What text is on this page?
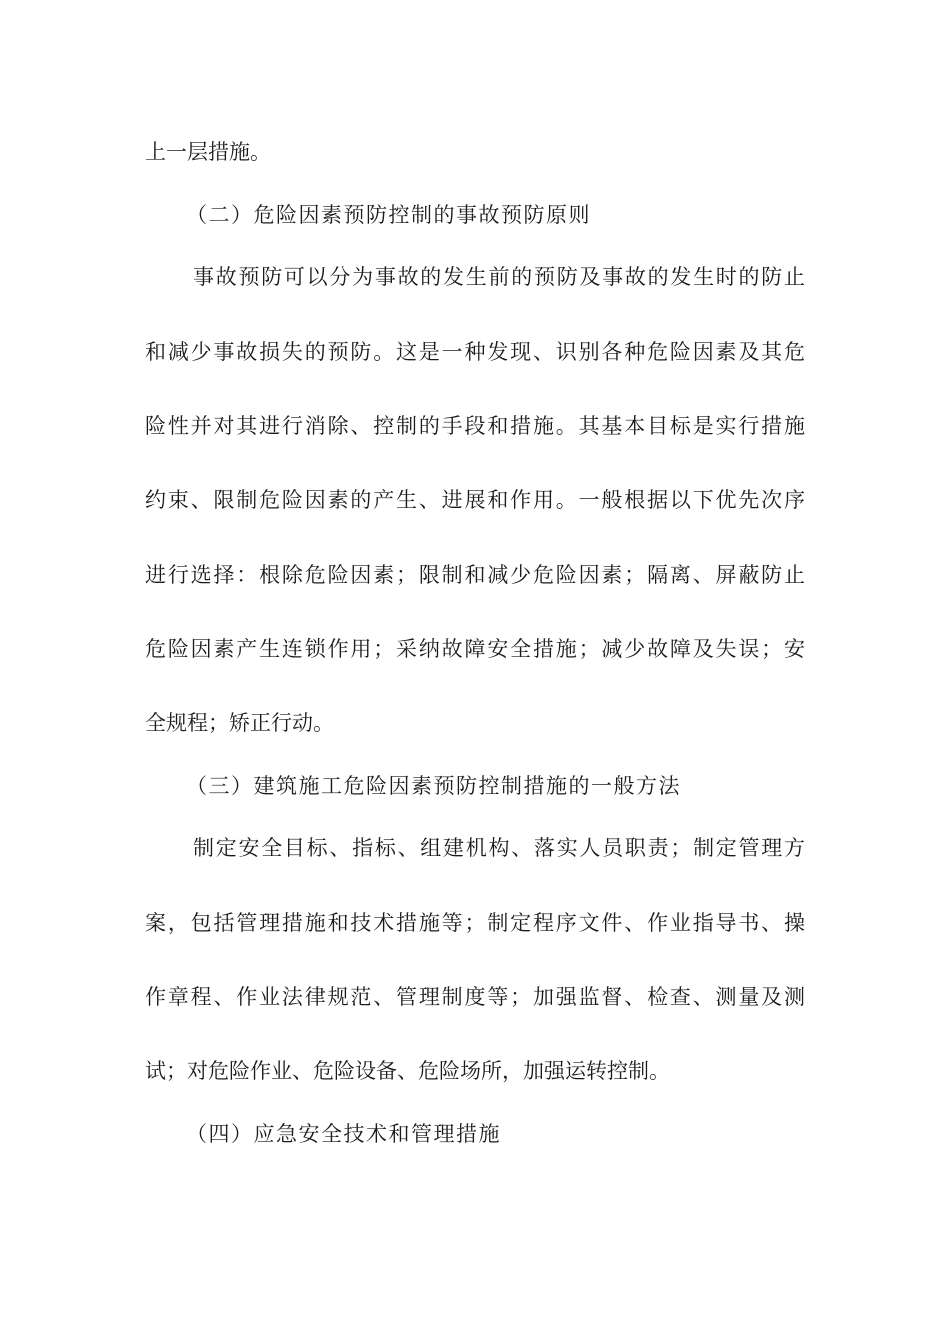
上一层措施。
（二）危险因素预防控制的事故预防原则
事故预防可以分为事故的发生前的预防及事故的发生时的防止
和减少事故损失的预防。这是一种发现、识别各种危险因素及其危
险性并对其进行消除、控制的手段和措施。其基本目标是实行措施
约束、限制危险因素的产生、进展和作用。一般根据以下优先次序
进行选择：根除危险因素；限制和减少危险因素；隔离、屏蔽防止
危险因素产生连锁作用；采纳故障安全措施；减少故障及失误；安
全规程；矫正行动。
（三）建筑施工危险因素预防控制措施的一般方法
制定安全目标、指标、组建机构、落实人员职责；制定管理方
案，包括管理措施和技术措施等；制定程序文件、作业指导书、操
作章程、作业法律规范、管理制度等；加强监督、检查、测量及测
试；对危险作业、危险设备、危险场所，加强运转控制。
（四）应急安全技术和管理措施
